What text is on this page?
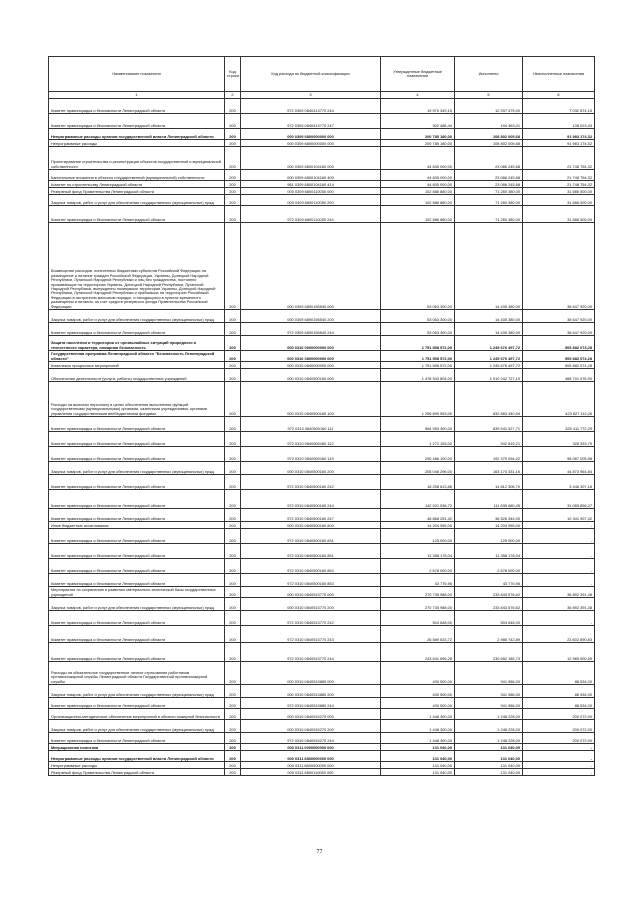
Наименование показателя	Код строки	Код расхода по бюджетной классификации	Утвержденные бюджетные назначения	Исполнено	Неисполненные назначения
1	2	3	4	5	6
Комитет правопорядка и безопасности Ленинградской области	200	972 0309 0840413770 244	19 970 349,15	12 937 475,00	7 032 874,15
Комитет правопорядка и безопасности Ленинградской области	200	972 0309 0840413770 247	302 486,44	194 463,01	108 023,43
Непрограммные расходы органов государственной власти Ленинградской области	200	000 0309 6800000000 000	200 785 180,00	108 802 005,68	91 983 174,32
Непрограммные расходы	200	000 0309 6800000000 000	200 785 180,00	108 802 005,68	91 983 174,32
Проектирование строительства и реконструкции объектов государственной и муниципальной собственности	200	000 0309 6800104160 000	44 835 000,00	23 086 245,68	21 748 754,32
Капитальные вложения в объекты государственной (муниципальной) собственности	200	000 0309 6800104160 400	44 835 000,00	23 086 245,68	21 748 754,32
Комитет по строительству Ленинградской области	200	981 0309 6800104160 414	44 835 000,00	23 086 245,68	21 748 754,32
Резервный фонд Правительства Ленинградской области	200	000 0309 6800110050 000	102 886 880,00	71 280 380,00	31 586 500,00
Закупка товаров, работ и услуг для обеспечения государственных (муниципальных) нужд	200	000 0309 6800110050 200	102 886 880,00	71 280 380,00	31 586 500,00
Комитет правопорядка и безопасности Ленинградской области	200	972 0309 6800110050 244	102 886 880,00	71 280 380,00	31 586 500,00
Возмещение расходов, понесенных бюджетами субъектов Российской Федерации на размещение и питание граждан Российской Федерации, Украины, Донецкой Народной Республики, Луганской Народной Республики и лиц без гражданства, постоянно проживающих на территориях Украины, Донецкой Народной Республики, Луганской Народной Республики, вынужденно покинувших территории Украины, Донецкой Народной Республики, Луганской Народной Республики и прибывших на территорию Российской Федерации в экстренном массовом порядке, и находящихся в пунктах временного размещения и питания, за счет средств резервного фонда Правительства Российской Федерации	200	000 0309 6890156540 000	53 063 300,00	14 435 380,00	38 647 920,00
Закупка товаров, работ и услуг для обеспечения государственных (муниципальных) нужд	200	000 0309 6890156540 200	53 063 300,00	14 435 380,00	38 647 920,00
Комитет правопорядка и безопасности Ленинградской области	200	972 0309 6890156540 244	53 063 300,00	14 435 380,00	38 647 920,00
Защита населения и территории от чрезвычайных ситуаций природного и техногенного характера, пожарная безопасность	200	000 0310 0000000000 000	1 751 558 572,00	1 245 676 497,72	505 882 074,28
Государственная программа Ленинградской области "Безопасность Ленинградской области"	200	000 0310 0800000000 000	1 751 558 572,00	1 245 676 497,72	505 882 074,28
Комплексы процессных мероприятий	200	000 0310 0840000000 000	1 751 558 572,00	1 245 676 497,72	505 882 074,28
Обеспечение деятельности (услуги, работы) государственных учреждений	200	000 0310 0840500160 000	1 478 943 804,00	1 010 242 727,10	468 701 076,90
Расходы на выплаты персоналу в целях обеспечения выполнения функций государственными (муниципальными) органами, казенными учреждениями, органами управления государственными внебюджетными фондами	200	000 0310 0840500160 100	1 256 690 553,00	832 863 440,94	423 827 112,06
Комитет правопорядка и безопасности Ленинградской области	200	972 0310 0840500160 111	964 953 300,00	639 541 527,71	325 411 772,29
Комитет правопорядка и безопасности Ленинградской области	200	972 0310 0840500160 112	1 271 153,00	942 819,21	328 333,79
Комитет правопорядка и безопасности Ленинградской области	200	972 0310 0840500160 119	290 466 100,00	192 379 094,02	98 087 005,98
Закупка товаров, работ и услуг для обеспечения государственных (муниципальных) нужд	200	000 0310 0840500160 200	208 048 296,00	163 174 331,16	44 873 964,84
Комитет правопорядка и безопасности Ленинградской области	200	972 0310 0840500160 242	18 258 613,86	14 812 306,70	3 446 307,16
Комитет правопорядка и безопасности Ленинградской области	200	972 0310 0840500160 244	142 921 536,72	111 835 680,45	31 085 856,27
Комитет правопорядка и безопасности Ленинградской области	200	972 0310 0840500160 247	46 868 251,42	36 526 344,00	10 341 907,42
Иные бюджетные ассигнования	200	000 0310 0840500160 800	14 204 955,00	14 204 955,00	-
Комитет правопорядка и безопасности Ленинградской области	200	972 0310 0840500160 831	125 000,00	125 000,00	-
Комитет правопорядка и безопасности Ленинградской области	200	972 0310 0840500160 851	11 358 178,04	11 358 178,04	-
Комитет правопорядка и безопасности Ленинградской области	200	972 0310 0840500160 852	2 678 000,00	2 678 000,00	-
Комитет правопорядка и безопасности Ленинградской области	200	972 0310 0840500160 853	43 776,96	43 776,96	-
Мероприятия по сохранению и развитию материально-технической базы государственных учреждений	200	000 0310 0840513770 000	270 735 988,00	233 843 576,62	36 892 391,38
Закупка товаров, работ и услуг для обеспечения государственных (муниципальных) нужд	200	000 0310 0840513770 200	270 735 988,00	233 843 576,62	36 892 391,38
Комитет правопорядка и безопасности Ленинградской области	200	972 0310 0840513770 242	504 648,00	504 648,00	-
Комитет правопорядка и безопасности Ленинградской области	200	972 0310 0840513770 243	26 589 633,72	2 986 742,89	23 602 890,83
Комитет правопорядка и безопасности Ленинградской области	200	972 0310 0840513770 244	243 641 696,28	230 652 185,73	12 989 500,55
Расходы на обязательное государственное личное страхование работников противопожарной службы Ленинградской области Государственной противопожарной службы	200	000 0310 0840513880 000	430 500,00	341 966,00	88 534,00
Закупка товаров, работ и услуг для обеспечения государственных (муниципальных) нужд	200	000 0310 0840513880 200	430 500,00	341 966,00	88 534,00
Комитет правопорядка и безопасности Ленинградской области	200	972 0310 0840513880 244	430 500,00	341 966,00	88 534,00
Организационно-методическое обеспечение мероприятий в области пожарной безопасности	200	000 0310 0840515270 000	1 448 300,00	1 248 228,00	200 072,00
Закупка товаров, работ и услуг для обеспечения государственных (муниципальных) нужд	200	000 0310 0840515270 200	1 448 300,00	1 248 228,00	200 072,00
Комитет правопорядка и безопасности Ленинградской области	200	972 0310 0840515270 244	1 448 300,00	1 248 228,00	200 072,00
Миграционная политика	200	000 0311 0000000000 000	131 040,00	131 040,00	-
Непрограммные расходы органов государственной власти Ленинградской области	200	000 0311 6800000000 000	131 040,00	131 040,00	-
Непрограммные расходы	200	000 0311 6800000000 000	131 040,00	131 040,00	-
Резервный фонд Правительства Ленинградской области	200	000 0311 6800110050 000	131 040,00	131 040,00	-
77
